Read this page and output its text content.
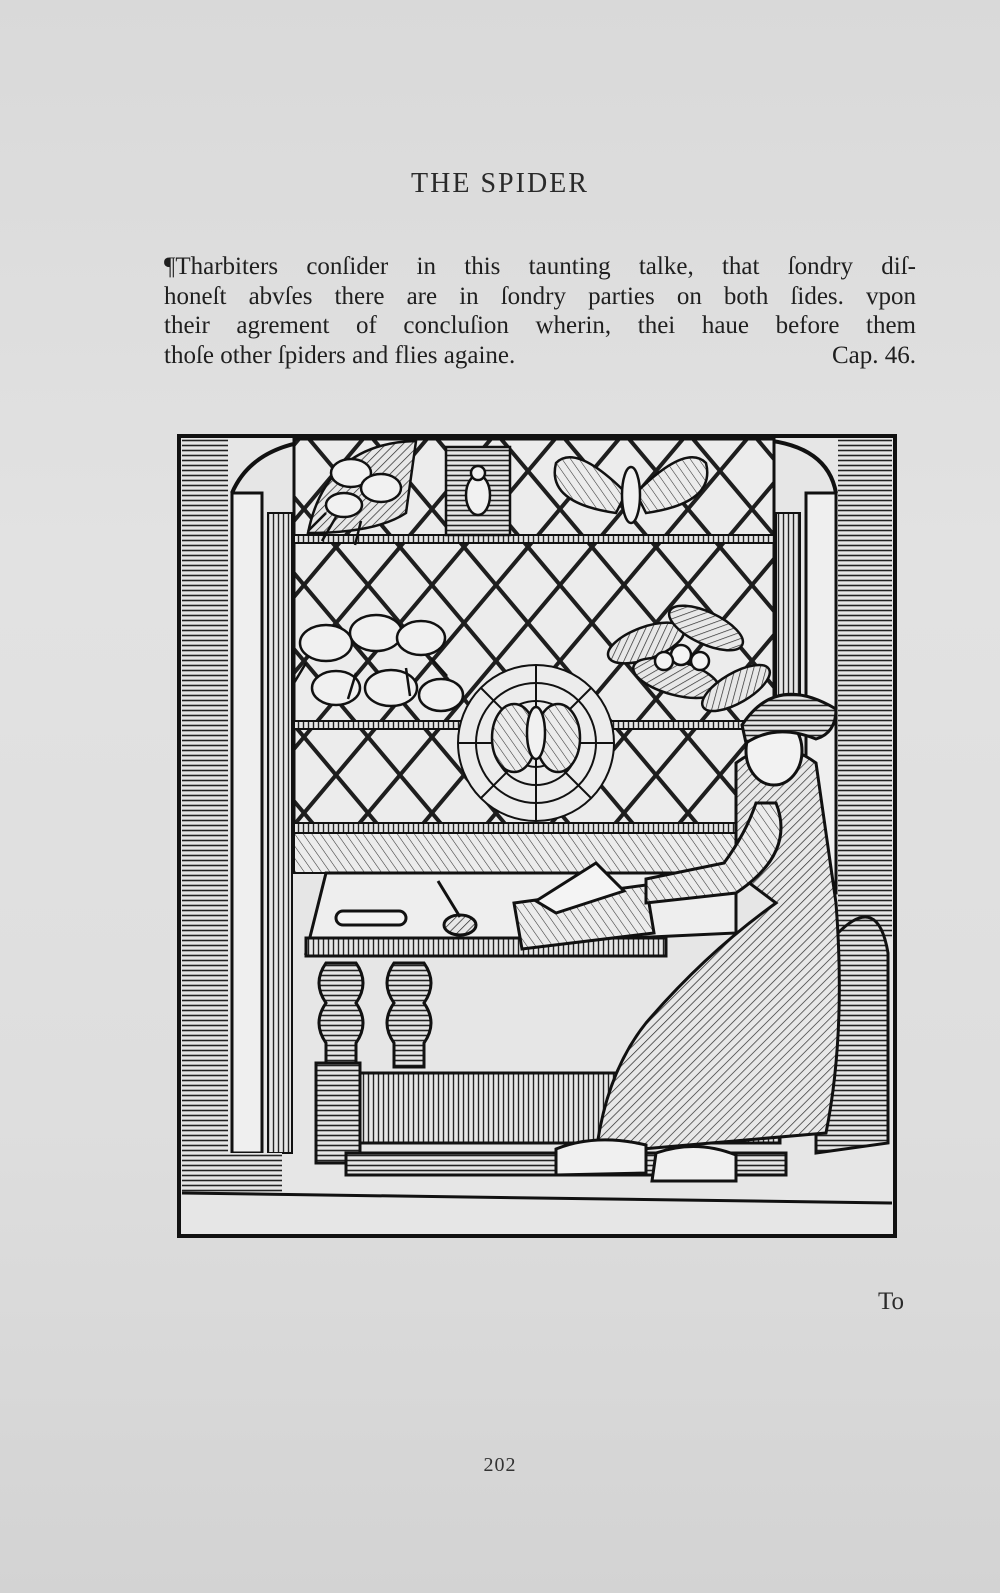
THE SPIDER
¶Tharbiters conſider in this taunting talke, that ſondry diſ-
honeſt abvſes there are in ſondry parties on both ſides. vpon
their agrement of concluſion wherin, thei haue before them
thoſe other ſpiders and flies againe.	Cap. 46.
To
202
